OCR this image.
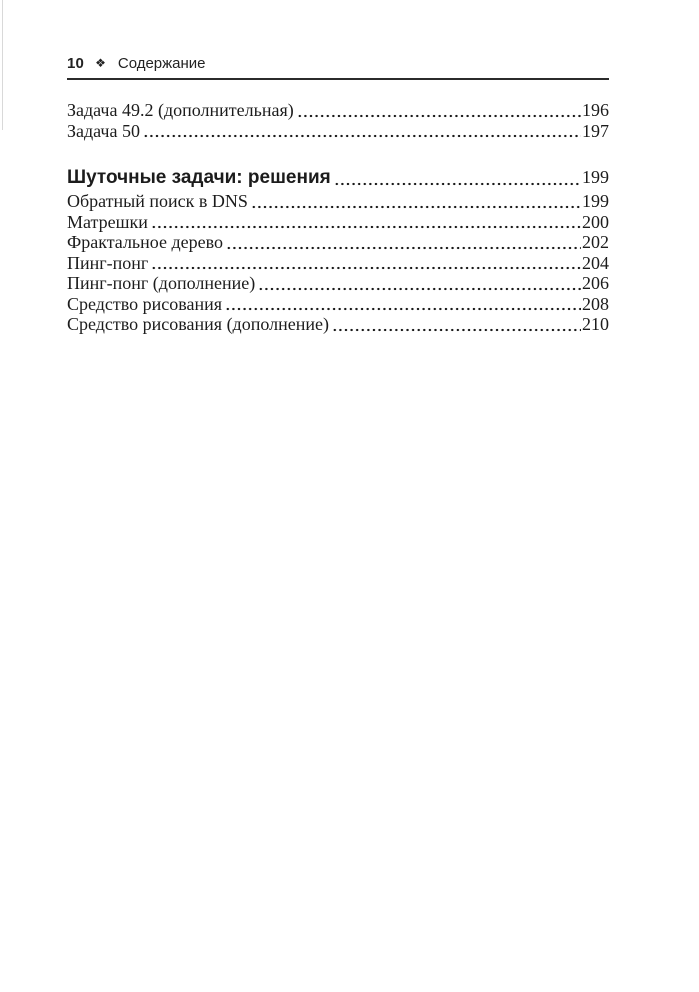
10 ❖ Содержание
Задача 49.2 (дополнительная)	196
Задача 50	197
Шуточные задачи: решения	199
Обратный поиск в DNS	199
Матрешки	200
Фрактальное дерево	202
Пинг-понг	204
Пинг-понг (дополнение)	206
Средство рисования	208
Средство рисования (дополнение)	210
